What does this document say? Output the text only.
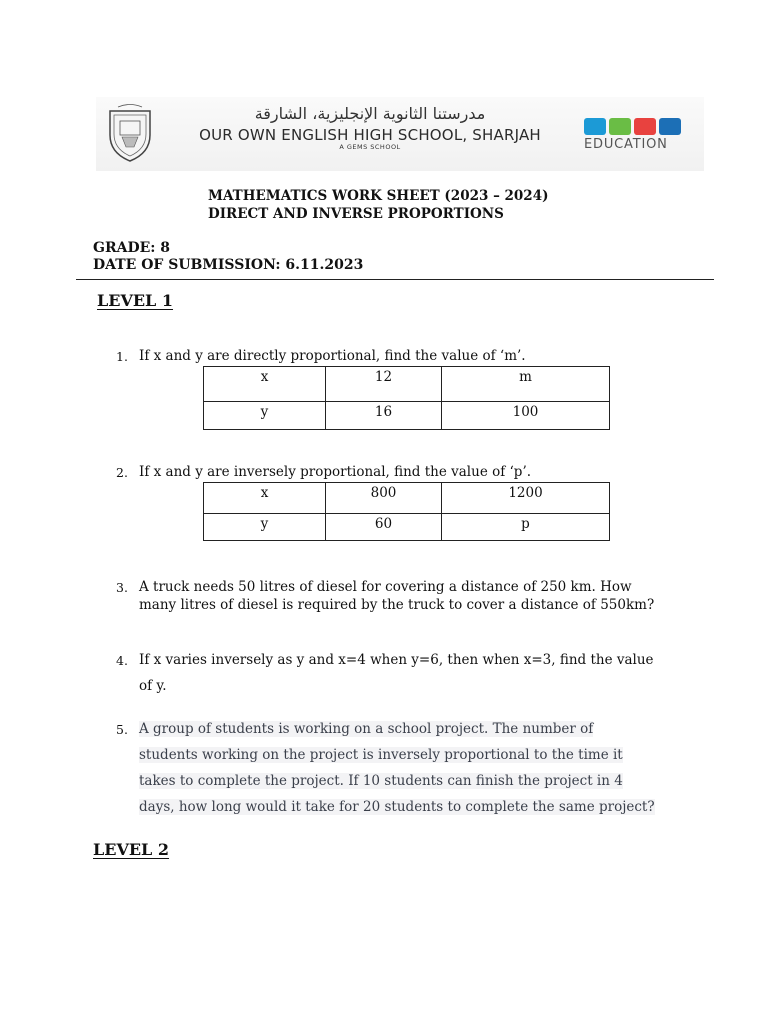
مدرستنا الثانوية الإنجليزية، الشارقة
OUR OWN ENGLISH HIGH SCHOOL, SHARJAH
A GEMS SCHOOL	EDUCATION
MATHEMATICS WORK SHEET (2023 – 2024)
DIRECT AND INVERSE PROPORTIONS
GRADE: 8
DATE OF SUBMISSION: 6.11.2023
LEVEL 1
1. If x and y are directly proportional, find the value of ‘m’.
x	12	m
y	16	100
2. If x and y are inversely proportional, find the value of ‘p’.
x	800	1200
y	60	p
3. A truck needs 50 litres of diesel for covering a distance of 250 km. How
many litres of diesel is required by the truck to cover a distance of 550km?
4. If x varies inversely as y and x=4 when y=6, then when x=3, find the value
of y.
5. A group of students is working on a school project. The number of
students working on the project is inversely proportional to the time it
takes to complete the project. If 10 students can finish the project in 4
days, how long would it take for 20 students to complete the same project?
LEVEL 2
